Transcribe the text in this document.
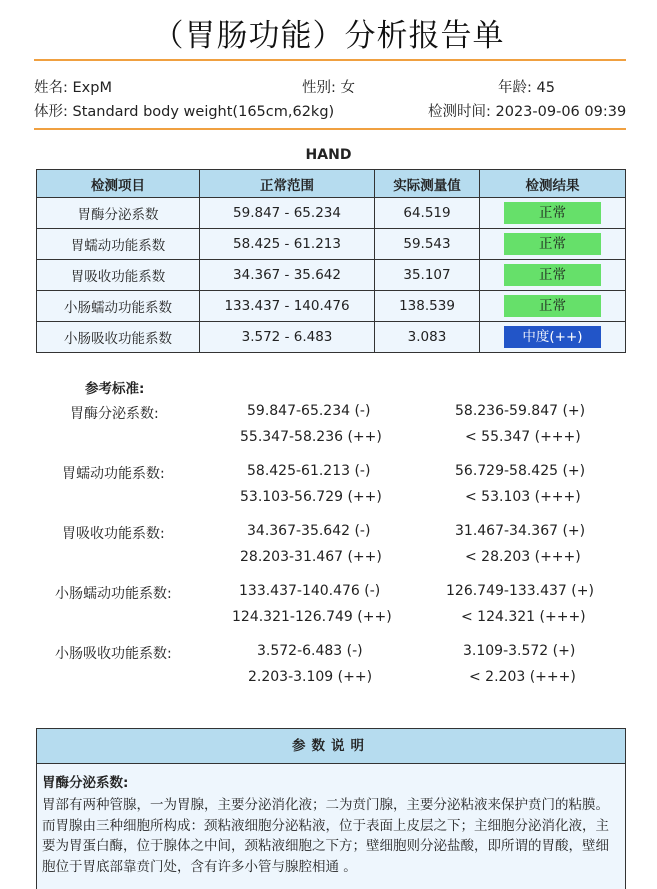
（胃肠功能）分析报告单
姓名: ExpM	性别: 女	年龄: 45
体形: Standard body weight(165cm,62kg)	检测时间: 2023-09-06 09:39
HAND
检测项目	正常范围	实际测量值	检测结果
胃酶分泌系数	59.847 - 65.234	64.519	正常
胃蠕动功能系数	58.425 - 61.213	59.543	正常
胃吸收功能系数	34.367 - 35.642	35.107	正常
小肠蠕动功能系数	133.437 - 140.476	138.539	正常
小肠吸收功能系数	3.572 - 6.483	3.083	中度(++)
参考标准:
胃酶分泌系数:	59.847-65.234 (-)	58.236-59.847 (+)
55.347-58.236 (++)	< 55.347 (+++)
胃蠕动功能系数:	58.425-61.213 (-)	56.729-58.425 (+)
53.103-56.729 (++)	< 53.103 (+++)
胃吸收功能系数:	34.367-35.642 (-)	31.467-34.367 (+)
28.203-31.467 (++)	< 28.203 (+++)
小肠蠕动功能系数:	133.437-140.476 (-)	126.749-133.437 (+)
124.321-126.749 (++)	< 124.321 (+++)
小肠吸收功能系数:	3.572-6.483 (-)	3.109-3.572 (+)
2.203-3.109 (++)	< 2.203 (+++)
参数说明
胃酶分泌系数:
胃部有两种管腺，一为胃腺，主要分泌消化液；二为贲门腺，主要分泌粘液来保护贲门的粘膜。而胃腺由三种细胞所构成：颈粘液细胞分泌粘液，位于表面上皮层之下；主细胞分泌消化液，主要为胃蛋白酶，位于腺体之中间，颈粘液细胞之下方；壁细胞则分泌盐酸，即所谓的胃酸，壁细胞位于胃底部靠贲门处，含有许多小管与腺腔相通 。
